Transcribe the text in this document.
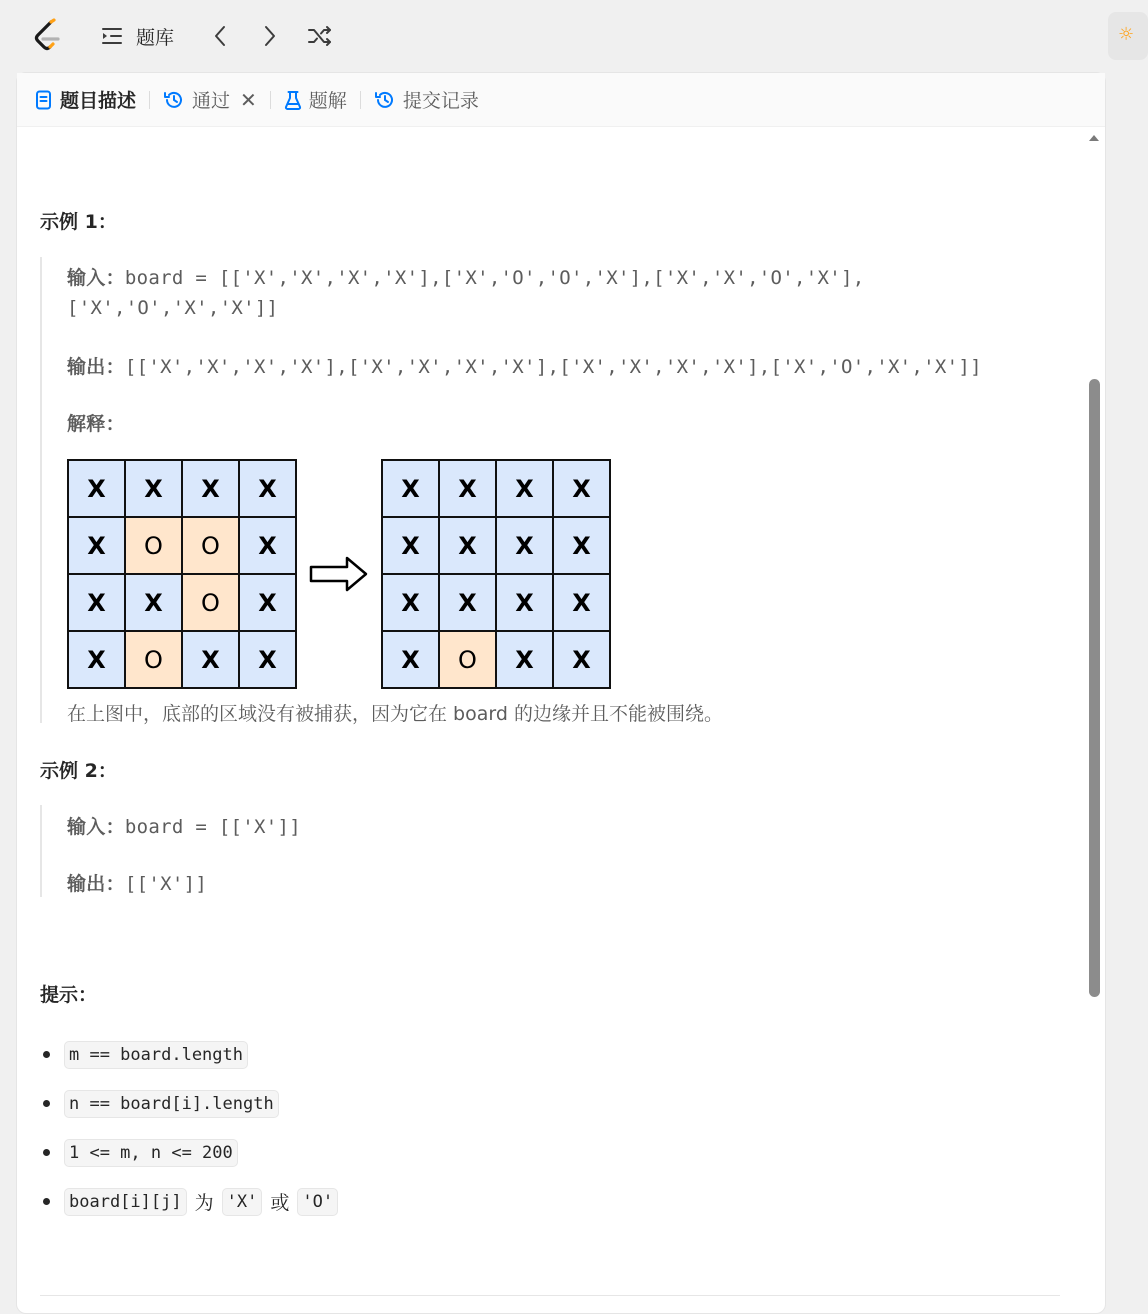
题库	☼
题目描述	通过 ✕	题解	提交记录
示例 1：
输入：board = [['X','X','X','X'],['X','O','O','X'],['X','X','O','X'],
['X','O','X','X']]
输出：[['X','X','X','X'],['X','X','X','X'],['X','X','X','X'],['X','O','X','X']]
解释：
X	X	X	X
X	O	O	X
X	X	O	X
X	O	X	X
X	X	X	X
X	X	X	X
X	X	X	X
X	O	X	X
在上图中，底部的区域没有被捕获，因为它在 board 的边缘并且不能被围绕。
示例 2：
输入：board = [['X']]
输出：[['X']]
提示：
m == board.length
n == board[i].length
1 <= m, n <= 200
board[i][j] 为 'X' 或 'O'
